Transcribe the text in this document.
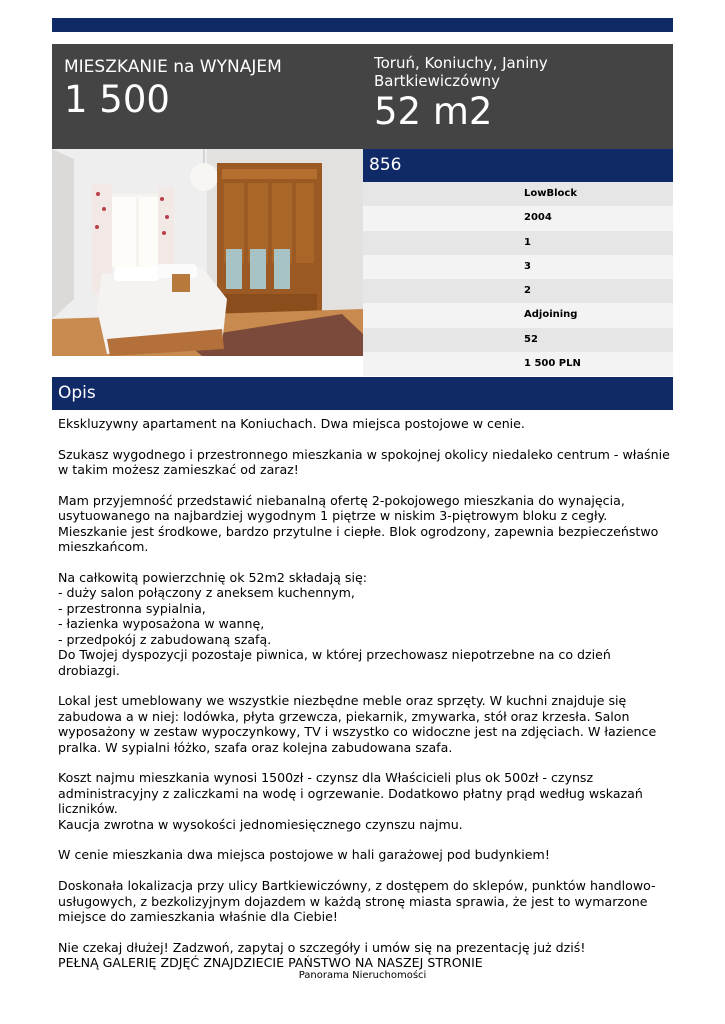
MIESZKANIE na WYNAJEM
1 500
Toruń, Koniuchy, Janiny Bartkiewiczówny
52 m2
856
LowBlock
2004
1
3
2
Adjoining
52
1 500 PLN
Opis
Ekskluzywny apartament na Koniuchach. Dwa miejsca postojowe w cenie.

Szukasz wygodnego i przestronnego mieszkania w spokojnej okolicy niedaleko centrum - właśnie w takim możesz zamieszkać od zaraz!

Mam przyjemność przedstawić niebanalną ofertę 2-pokojowego mieszkania do wynajęcia, usytuowanego na najbardziej wygodnym 1 piętrze w niskim 3-piętrowym bloku z cegły. Mieszkanie jest środkowe, bardzo przytulne i ciepłe. Blok ogrodzony, zapewnia bezpieczeństwo mieszkańcom.

Na całkowitą powierzchnię ok 52m2 składają się:
- duży salon połączony z aneksem kuchennym,
- przestronna sypialnia,
- łazienka wyposażona w wannę,
- przedpokój z zabudowaną szafą.
Do Twojej dyspozycji pozostaje piwnica, w której przechowasz niepotrzebne na co dzień drobiazgi.

Lokal jest umeblowany we wszystkie niezbędne meble oraz sprzęty. W kuchni znajduje się zabudowa a w niej: lodówka, płyta grzewcza, piekarnik, zmywarka, stół oraz krzesła. Salon wyposażony w zestaw wypoczynkowy, TV i wszystko co widoczne jest na zdjęciach. W łazience pralka. W sypialni łóżko, szafa oraz kolejna zabudowana szafa.

Koszt najmu mieszkania wynosi 1500zł - czynsz dla Właścicieli plus ok 500zł - czynsz administracyjny z zaliczkami na wodę i ogrzewanie. Dodatkowo płatny prąd według wskazań liczników.
Kaucja zwrotna w wysokości jednomiesięcznego czynszu najmu.

W cenie mieszkania dwa miejsca postojowe w hali garażowej pod budynkiem!

Doskonała lokalizacja przy ulicy Bartkiewiczówny, z dostępem do sklepów, punktów handlowo-usługowych, z bezkolizyjnym dojazdem w każdą stronę miasta sprawia, że jest to wymarzone miejsce do zamieszkania właśnie dla Ciebie!

Nie czekaj dłużej! Zadzwoń, zapytaj o szczegóły i umów się na prezentację już dziś!
PEŁNĄ GALERIĘ ZDJĘĆ ZNAJDZIECIE PAŃSTWO NA NASZEJ STRONIE
Panorama Nieruchomości
